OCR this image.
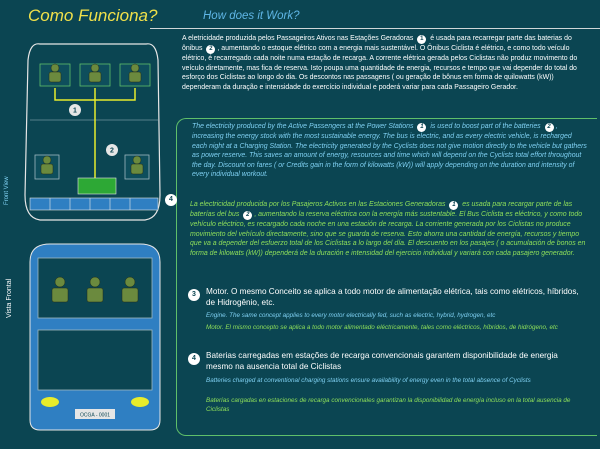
Como Funciona?	How does it Work?
1
2
OCGA - 0001
Vista Frontal
Front View	4
A eletricidade produzida pelos Passageiros Ativos nas Estações Geradoras 1 é usada para recarregar parte das baterias do ônibus 2 , aumentando o estoque elétrico com a energia mais sustentável. O Ônibus Ciclista é elétrico, e como todo veículo elétrico, é recarregado cada noite numa estação de recarga. A corrente elétrica gerada pelos Ciclistas não produz movimento do veículo diretamente, mas fica de reserva. Isto poupa uma quantidade de energia, recursos e tempo que vai depender do total do esforço dos Ciclistas ao longo do dia. Os descontos nas passagens ( ou geração de bônus em forma de quilowatts (kW)) dependeram da duração e intensidade do exercício individual e poderá variar para cada Passageiro Gerador.
The electricity produced by the Active Passengers at the Power Stations 1 is used to boost part of the batteries 2 , increasing the energy stock with the most sustainable energy. The bus is electric, and as every electric vehicle, is recharged each night at a Charging Station. The electricity generated by the Cyclists does not give motion directly to the vehicle but gathers as power reserve. This saves an amount of energy, resources and time which will depend on the Cyclists total effort throughout the day. Discount on fares ( or Credits gain in the form of kilowatts (kW)) will apply depending on the duration and intensity of every individual workout.
La electricidad producida por los Pasajeros Activos en las Estaciones Generadoras 1 es usada para recargar parte de las baterías del bus 2 , aumentando la reserva eléctrica con la energía más sustentable. El Bus Ciclista es eléctrico, y como todo vehículo eléctrico, es recargado cada noche en una estación de recarga. La corriente generada por los Ciclistas no produce movimiento del vehículo directamente, sino que se guarda de reserva. Esto ahorra una cantidad de energía, recursos y tiempo que va a depender del esfuerzo total de los Ciclistas a lo largo del día. El descuento en los pasajes ( o acumulación de bonos en forma de kilowats (kW)) dependerá de la duración e intensidad del ejercicio individual y variará con cada pasajero generador.
3	Motor. O mesmo Conceito se aplica a todo motor de alimentação elétrica, tais como elétricos, híbridos, de Hidrogênio, etc.
Engine. The same concept applies to every motor electrically fed, such as electric, hybrid, hydrogen, etc
Motor. El mismo concepto se aplica a todo motor alimentado eléctricamente, tales como eléctricos, híbridos, de hidrógeno, etc
4	Baterias carregadas em estações de recarga convencionais garantem disponibilidade de energia mesmo na ausencia total de Ciclistas
Batteries charged at conventional charging stations ensure availability of energy even in the total absence of Cyclists
Baterías cargadas en estaciones de recarga convencionales garantizan la disponibilidad de energía incluso en la total ausencia de Ciclistas
